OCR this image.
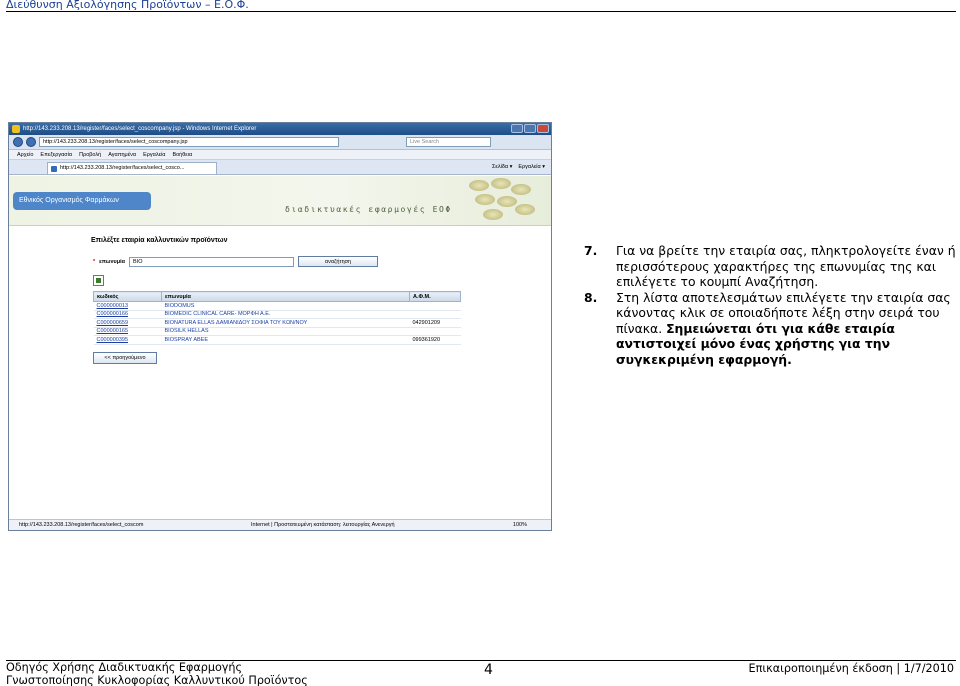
Διεύθυνση Αξιολόγησης Προϊόντων – Ε.Ο.Φ.
http://143.233.208.13/register/faces/select_coscompany.jsp - Windows Internet Explorer
http://143.233.208.13/register/faces/select_coscompany.jsp	Live Search
Αρχείο Επεξεργασία Προβολή Αγαπημένα Εργαλεία Βοήθεια
http://143.233.208.13/register/faces/select_cosco...	Σελίδα ▾ Εργαλεία ▾
Εθνικός Οργανισμός Φαρμάκων
διαδικτυακές εφαρμογές ΕΟΦ
Επιλέξτε εταιρία καλλυντικών προϊόντων
* επωνυμία	BIO	αναζήτηση
κωδικός	επωνυμία	Α.Φ.Μ.
C000000013	BIODOMUS	
C000000166	BIOMEDIC CLINICAL CARE- ΜΟΡΦΗ Α.Ε.	
C000000659	BIONATURA ELLAS ΔΑΜΙΑΝΙΔΟΥ ΣΟΦΙΑ ΤΟΥ ΚΩΝ/ΝΟΥ	042901209
C000000165	BIOSILK HELLAS	
C000000395	BIOSPRAY ABEE	099361920
<< προηγούμενο
http://143.233.208.13/register/faces/select_coscom	Internet | Προστατευμένη κατάσταση: λειτουργίας Ανενεργή	100%
7. Για να βρείτε την εταιρία σας, πληκτρολογείτε έναν ή περισσότερους χαρακτήρες της επωνυμίας της και επιλέγετε το κουμπί Αναζήτηση.
8. Στη λίστα αποτελεσμάτων επιλέγετε την εταιρία σας κάνοντας κλικ σε οποιαδήποτε λέξη στην σειρά του πίνακα. Σημειώνεται ότι για κάθε εταιρία αντιστοιχεί μόνο ένας χρήστης για την συγκεκριμένη εφαρμογή.
Οδηγός Χρήσης Διαδικτυακής Εφαρμογής
Γνωστοποίησης Κυκλοφορίας Καλλυντικού Προϊόντος
4	Επικαιροποιημένη έκδοση | 1/7/2010
